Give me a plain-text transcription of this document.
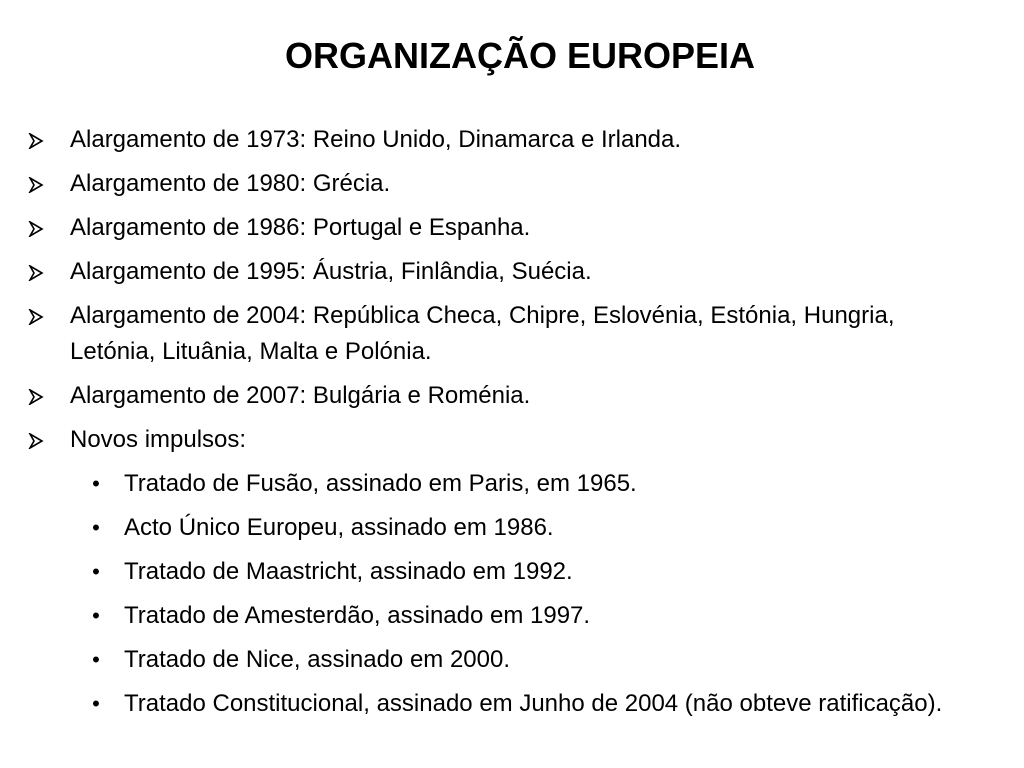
ORGANIZAÇÃO EUROPEIA
Alargamento de 1973: Reino Unido, Dinamarca e Irlanda.
Alargamento de 1980: Grécia.
Alargamento de 1986: Portugal e Espanha.
Alargamento de 1995: Áustria, Finlândia, Suécia.
Alargamento de 2004: República Checa, Chipre, Eslovénia, Estónia, Hungria, Letónia, Lituânia, Malta e Polónia.
Alargamento de 2007: Bulgária e Roménia.
Novos impulsos:
• Tratado de Fusão, assinado em Paris, em 1965.
• Acto Único Europeu, assinado em 1986.
• Tratado de Maastricht, assinado em 1992.
• Tratado de Amesterdão, assinado em 1997.
• Tratado de Nice, assinado em 2000.
• Tratado Constitucional, assinado em Junho de 2004 (não obteve ratificação).
